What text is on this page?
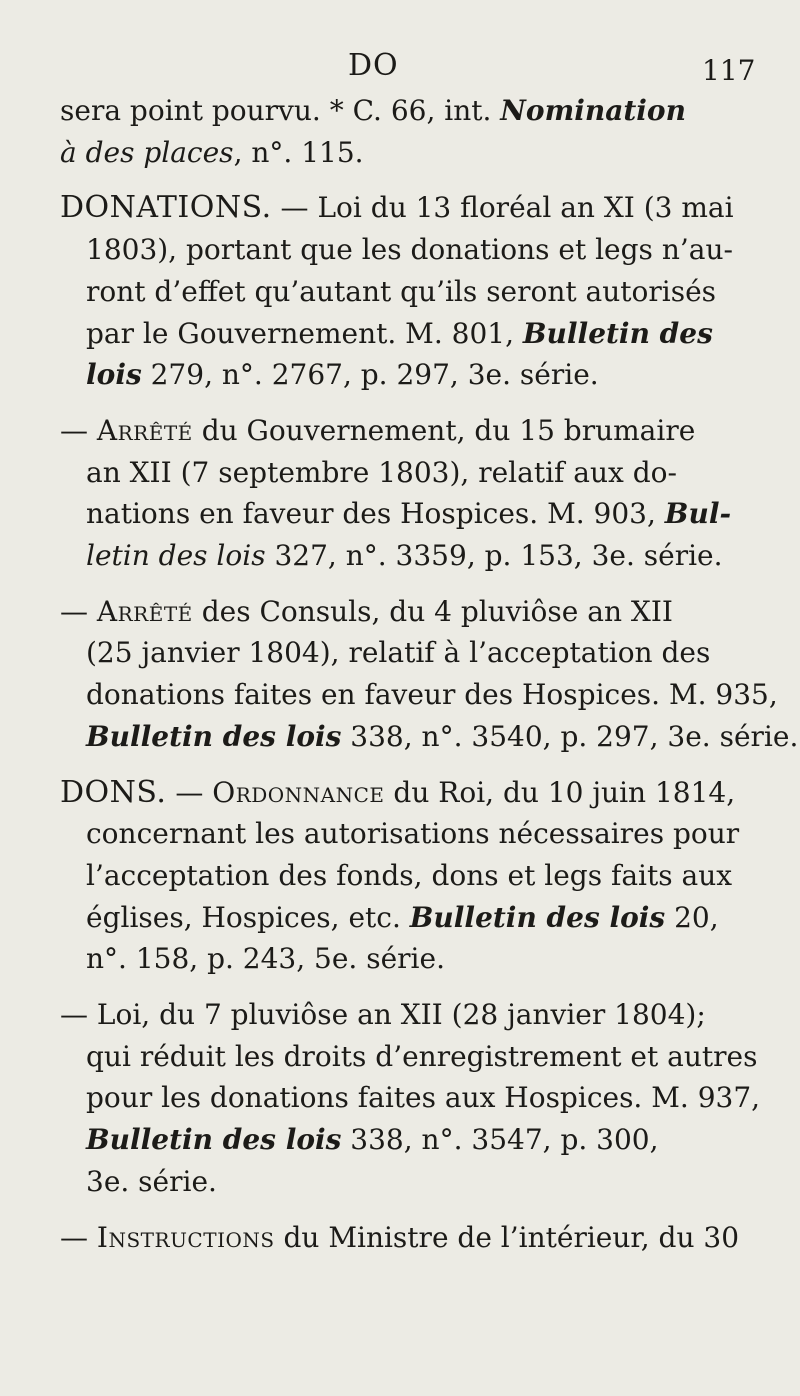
DO	117

sera point pourvu. * C. 66, int. Nomination
à des places, n°. 115.

DONATIONS. — Loi du 13 floréal an XI (3 mai
1803), portant que les donations et legs n’au-
ront d’effet qu’autant qu’ils seront autorisés
par le Gouvernement. M. 801, Bulletin des
lois 279, n°. 2767, p. 297, 3e. série.

— Arrêté du Gouvernement, du 15 brumaire
an XII (7 septembre 1803), relatif aux do-
nations en faveur des Hospices. M. 903, Bul-
letin des lois 327, n°. 3359, p. 153, 3e. série.

— Arrêté des Consuls, du 4 pluviôse an XII
(25 janvier 1804), relatif à l’acceptation des
donations faites en faveur des Hospices. M. 935,
Bulletin des lois 338, n°. 3540, p. 297, 3e. série.

DONS. — Ordonnance du Roi, du 10 juin 1814,
concernant les autorisations nécessaires pour
l’acceptation des fonds, dons et legs faits aux
églises, Hospices, etc. Bulletin des lois 20,
n°. 158, p. 243, 5e. série.

— Loi, du 7 pluviôse an XII (28 janvier 1804);
qui réduit les droits d’enregistrement et autres
pour les donations faites aux Hospices. M. 937,
Bulletin des lois 338, n°. 3547, p. 300,
3e. série.

— Instructions du Ministre de l’intérieur, du 30
